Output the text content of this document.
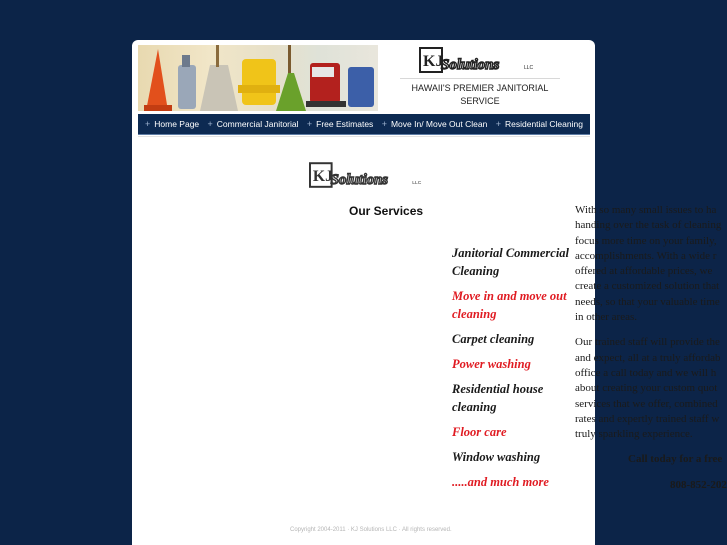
KJ
Solutions	LLC
HAWAII'S PREMIER JANITORIAL SERVICE
+ Home Page + Commercial Janitorial + Free Estimates + Move In/ Move Out Clean + Residential Cleaning
KJ
Solutions	LLC
Our Services
Janitorial Commercial Cleaning
Move in and move out cleaning
Carpet cleaning
Power washing
Residential house cleaning
Floor care
Window washing
.....and much more
Copyright 2004-2011 · KJ Solutions LLC · All rights reserved.

With so many small issues to ha
handing over the task of cleaning
focus more time on your family,
accomplishments. With a wide r
offered at affordable prices, we
create a customized solution that
needs, so that your valuable time
in other areas.

Our trained staff will provide the
and expect, all at a truly affordab
office a call today and we will h
about creating your custom quot
services that we offer, combined
rates and expertly trained staff w
truly sparkling experience.

Call today for a free

808-852-202
